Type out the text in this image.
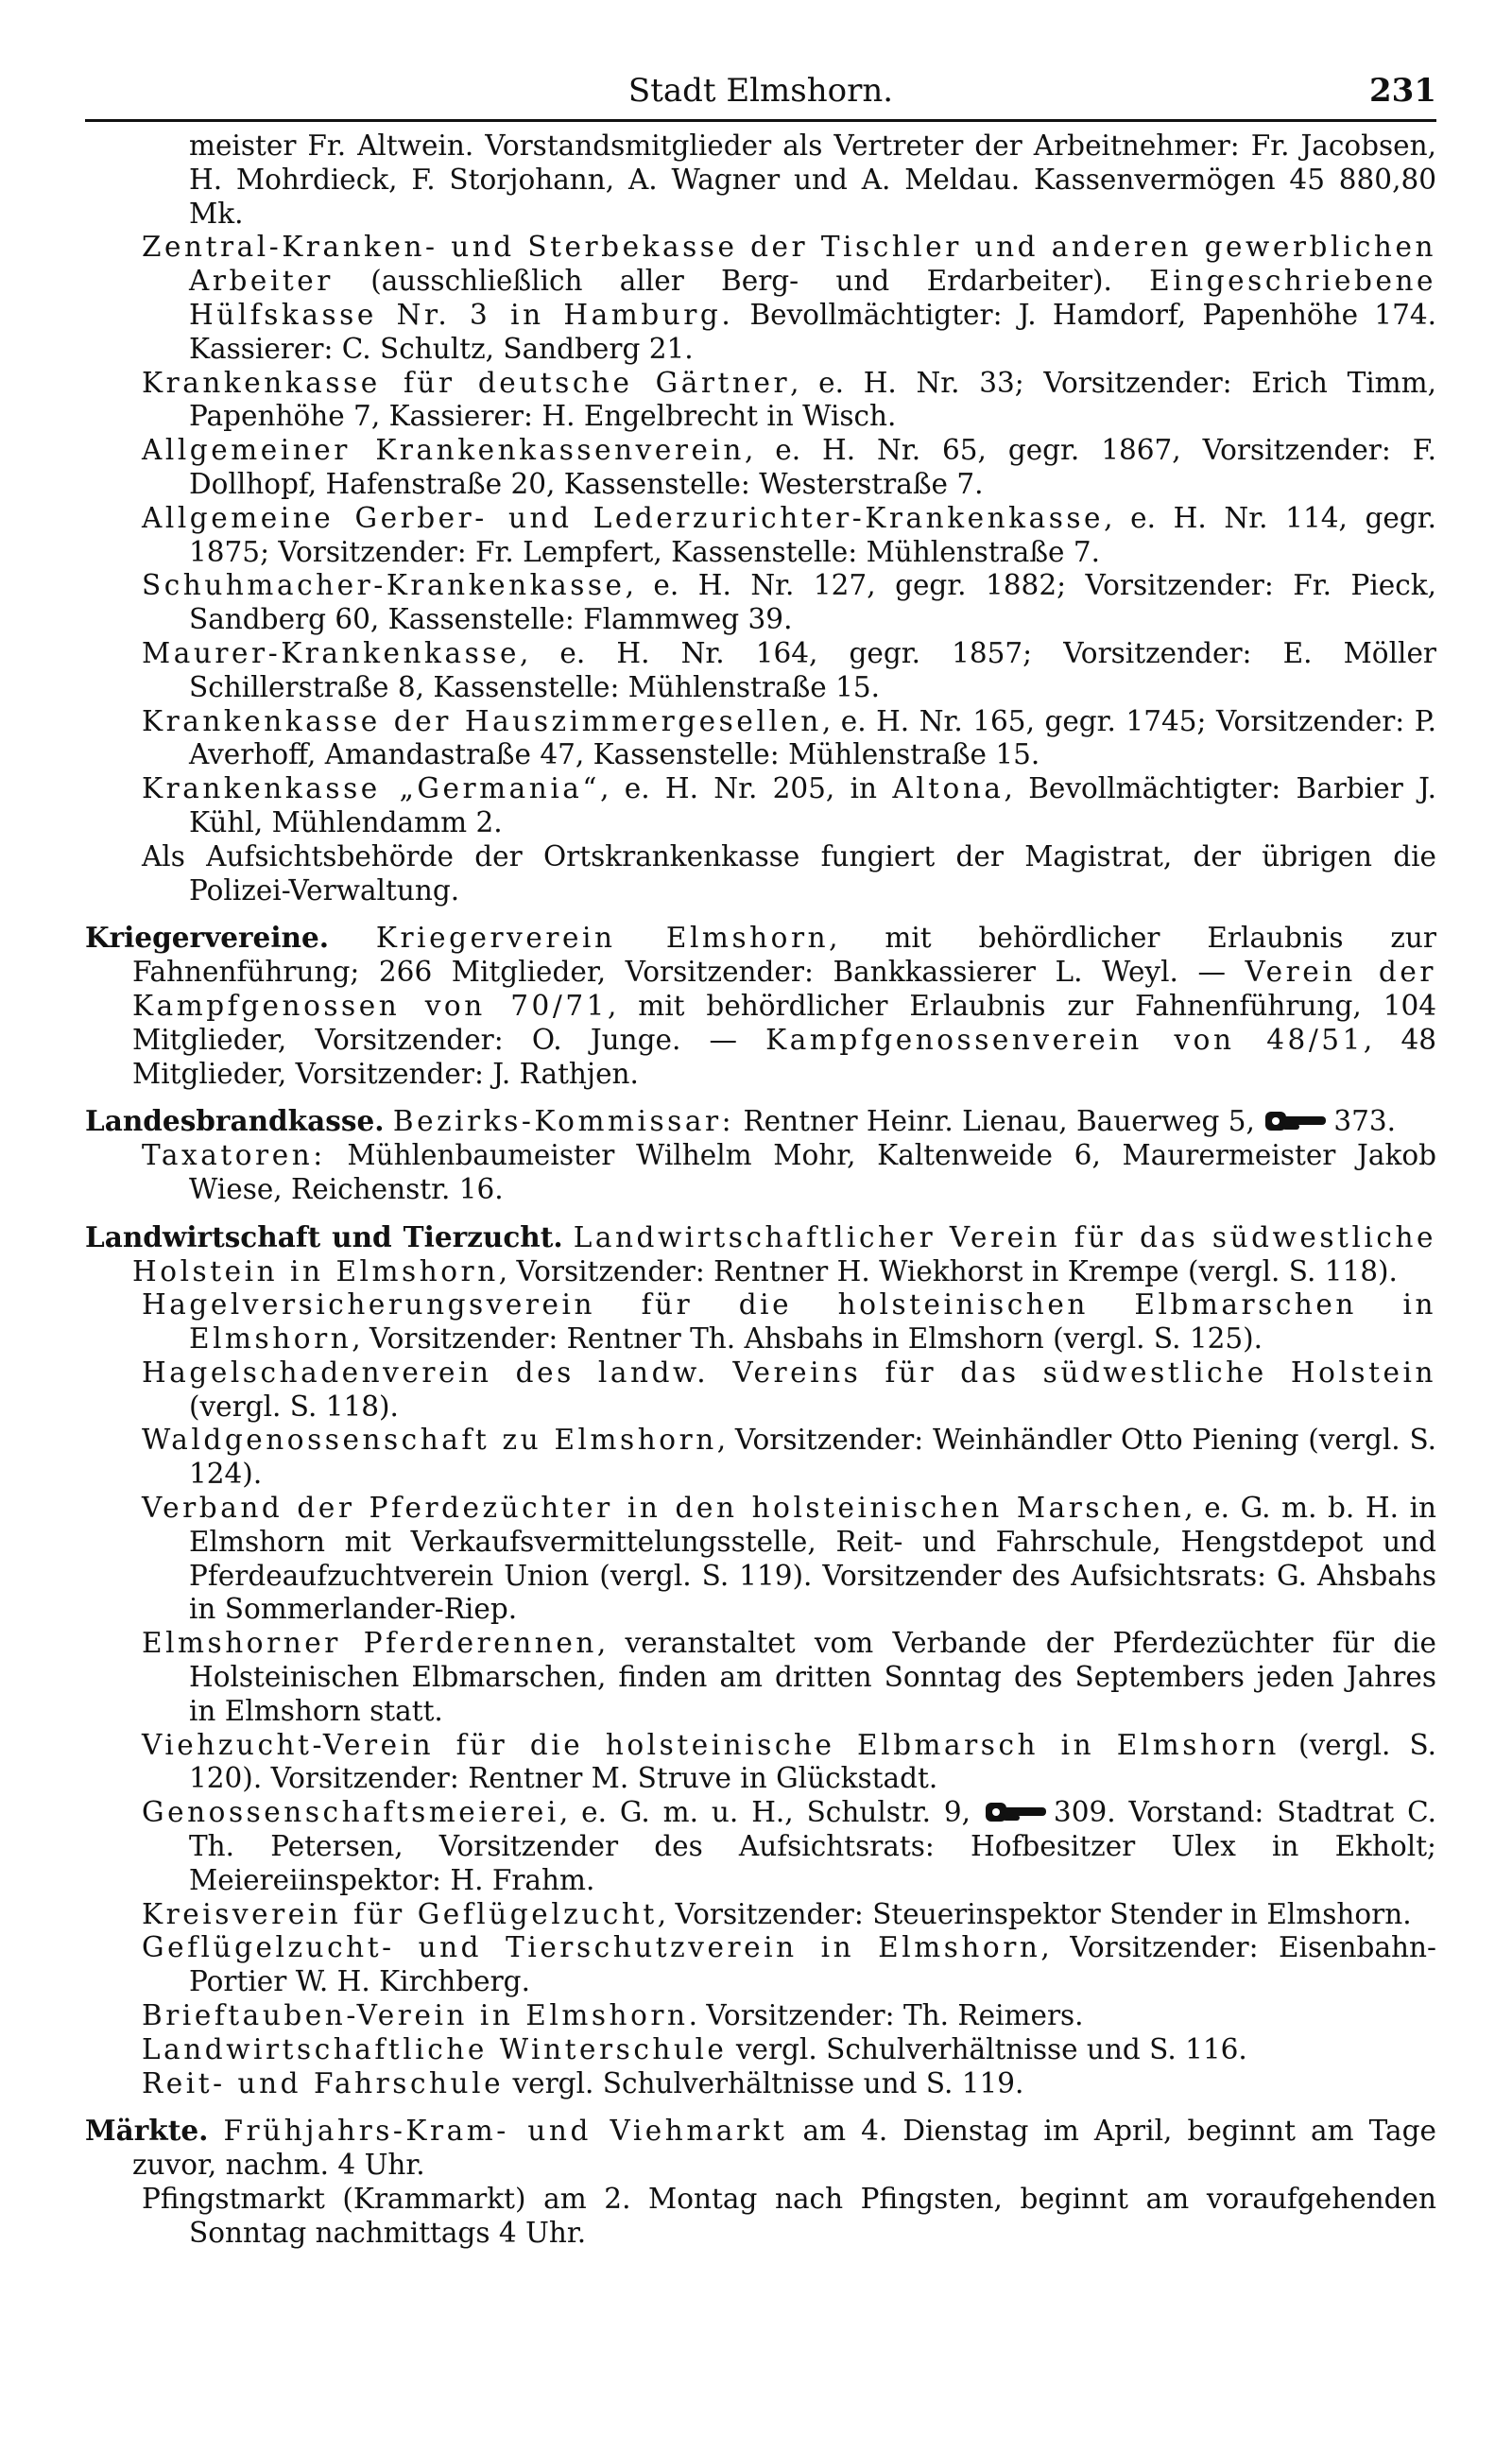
Stadt Elmshorn.	231

meister Fr. Altwein. Vorstandsmitglieder als Vertreter der Arbeitnehmer: Fr. Jacobsen, H. Mohrdieck, F. Storjohann, A. Wagner und A. Meldau. Kassenvermögen 45 880,80 Mk.

Zentral-Kranken- und Sterbekasse der Tischler und anderen gewerblichen Arbeiter (ausschließlich aller Berg- und Erdarbeiter). Eingeschriebene Hülfskasse Nr. 3 in Hamburg. Bevollmächtigter: J. Hamdorf, Papenhöhe 174. Kassierer: C. Schultz, Sandberg 21.

Krankenkasse für deutsche Gärtner, e. H. Nr. 33; Vorsitzender: Erich Timm, Papenhöhe 7, Kassierer: H. Engelbrecht in Wisch.

Allgemeiner Krankenkassenverein, e. H. Nr. 65, gegr. 1867, Vorsitzender: F. Dollhopf, Hafenstraße 20, Kassenstelle: Westerstraße 7.

Allgemeine Gerber- und Lederzurichter-Krankenkasse, e. H. Nr. 114, gegr. 1875; Vorsitzender: Fr. Lempfert, Kassenstelle: Mühlenstraße 7.

Schuhmacher-Krankenkasse, e. H. Nr. 127, gegr. 1882; Vorsitzender: Fr. Pieck, Sandberg 60, Kassenstelle: Flammweg 39.

Maurer-Krankenkasse, e. H. Nr. 164, gegr. 1857; Vorsitzender: E. Möller Schillerstraße 8, Kassenstelle: Mühlenstraße 15.

Krankenkasse der Hauszimmergesellen, e. H. Nr. 165, gegr. 1745; Vorsitzender: P. Averhoff, Amandastraße 47, Kassenstelle: Mühlenstraße 15.

Krankenkasse „Germania“, e. H. Nr. 205, in Altona, Bevollmächtigter: Barbier J. Kühl, Mühlendamm 2.

Als Aufsichtsbehörde der Ortskrankenkasse fungiert der Magistrat, der übrigen die Polizei-Verwaltung.

Kriegervereine. Kriegerverein Elmshorn, mit behördlicher Erlaubnis zur Fahnenführung; 266 Mitglieder, Vorsitzender: Bankkassierer L. Weyl. — Verein der Kampfgenossen von 70/71, mit behördlicher Erlaubnis zur Fahnenführung, 104 Mitglieder, Vorsitzender: O. Junge. — Kampfgenossenverein von 48/51, 48 Mitglieder, Vorsitzender: J. Rathjen.

Landesbrandkasse. Bezirks-Kommissar: Rentner Heinr. Lienau, Bauerweg 5,	373.

Taxatoren: Mühlenbaumeister Wilhelm Mohr, Kaltenweide 6, Maurermeister Jakob Wiese, Reichenstr. 16.

Landwirtschaft und Tierzucht. Landwirtschaftlicher Verein für das südwestliche Holstein in Elmshorn, Vorsitzender: Rentner H. Wiekhorst in Krempe (vergl. S. 118).

Hagelversicherungsverein für die holsteinischen Elbmarschen in Elmshorn, Vorsitzender: Rentner Th. Ahsbahs in Elmshorn (vergl. S. 125).

Hagelschadenverein des landw. Vereins für das südwestliche Holstein (vergl. S. 118).

Waldgenossenschaft zu Elmshorn, Vorsitzender: Weinhändler Otto Piening (vergl. S. 124).

Verband der Pferdezüchter in den holsteinischen Marschen, e. G. m. b. H. in Elmshorn mit Verkaufsvermittelungsstelle, Reit- und Fahrschule, Hengstdepot und Pferdeaufzuchtverein Union (vergl. S. 119). Vorsitzender des Aufsichtsrats: G. Ahsbahs in Sommerlander-Riep.

Elmshorner Pferderennen, veranstaltet vom Verbande der Pferdezüchter für die Holsteinischen Elbmarschen, finden am dritten Sonntag des Septembers jeden Jahres in Elmshorn statt.

Viehzucht-Verein für die holsteinische Elbmarsch in Elmshorn (vergl. S. 120). Vorsitzender: Rentner M. Struve in Glückstadt.

Genossenschaftsmeierei, e. G. m. u. H., Schulstr. 9,	309. Vorstand: Stadtrat C. Th. Petersen, Vorsitzender des Aufsichtsrats: Hofbesitzer Ulex in Ekholt; Meiereiinspektor: H. Frahm.

Kreisverein für Geflügelzucht, Vorsitzender: Steuerinspektor Stender in Elmshorn.

Geflügelzucht- und Tierschutzverein in Elmshorn, Vorsitzender: Eisenbahn-Portier W. H. Kirchberg.

Brieftauben-Verein in Elmshorn. Vorsitzender: Th. Reimers.

Landwirtschaftliche Winterschule vergl. Schulverhältnisse und S. 116.

Reit- und Fahrschule vergl. Schulverhältnisse und S. 119.

Märkte. Frühjahrs-Kram- und Viehmarkt am 4. Dienstag im April, beginnt am Tage zuvor, nachm. 4 Uhr.

Pfingstmarkt (Krammarkt) am 2. Montag nach Pfingsten, beginnt am voraufgehenden Sonntag nachmittags 4 Uhr.
